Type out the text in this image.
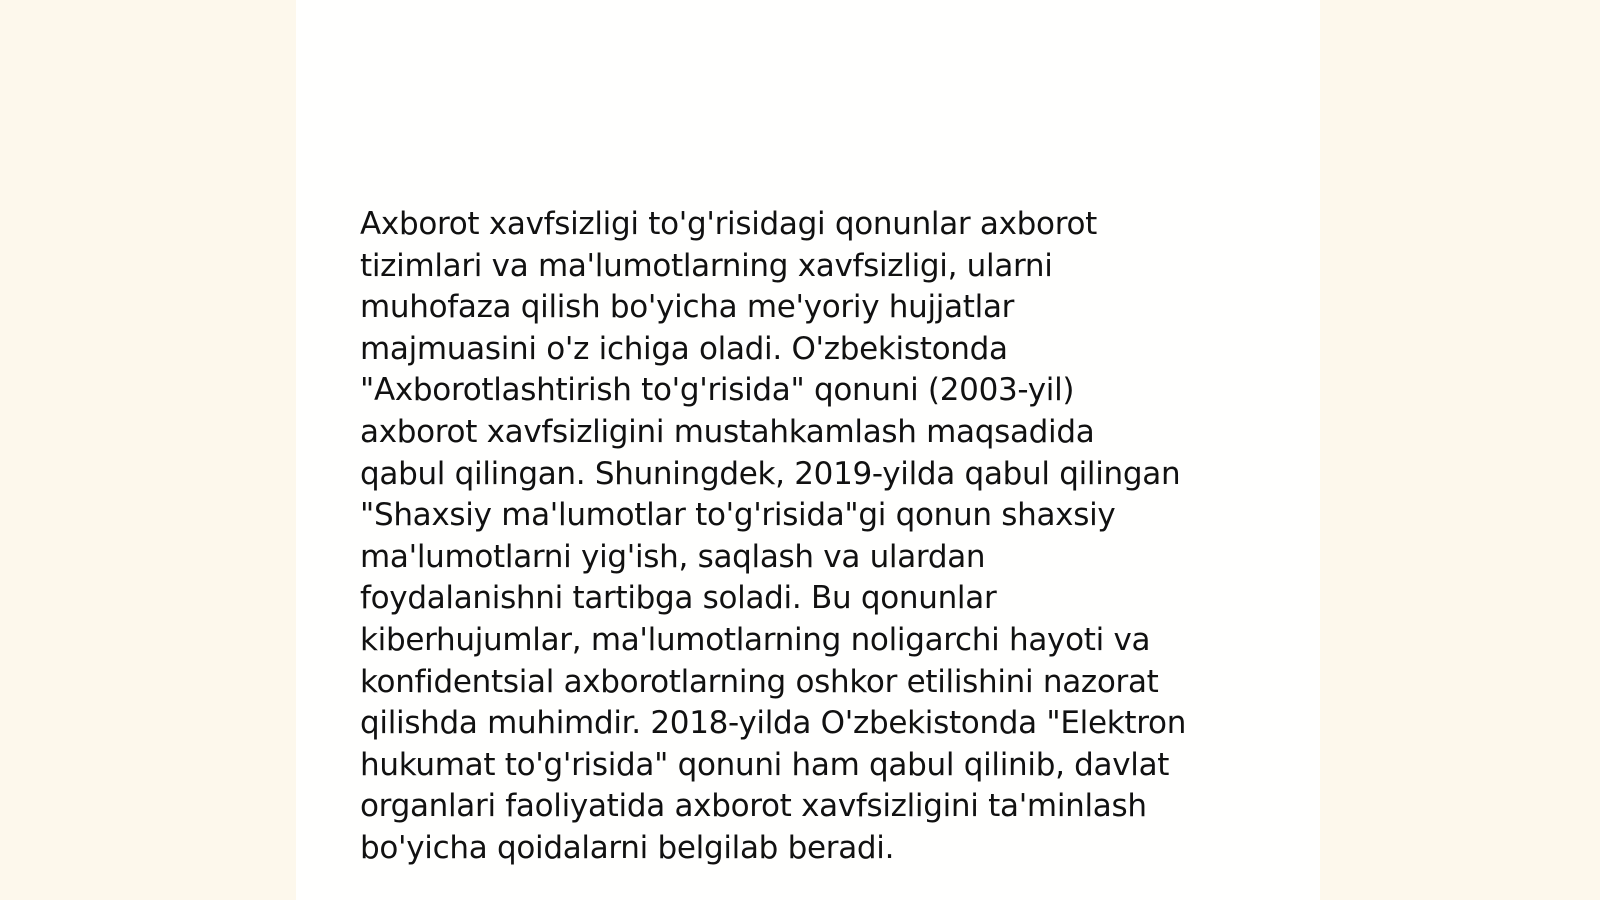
Axborot xavfsizligi to'g'risidagi qonunlar axborot
tizimlari va ma'lumotlarning xavfsizligi, ularni
muhofaza qilish bo'yicha me'yoriy hujjatlar
majmuasini o'z ichiga oladi. O'zbekistonda
"Axborotlashtirish to'g'risida" qonuni (2003-yil)
axborot xavfsizligini mustahkamlash maqsadida
qabul qilingan. Shuningdek, 2019-yilda qabul qilingan
"Shaxsiy ma'lumotlar to'g'risida"gi qonun shaxsiy
ma'lumotlarni yig'ish, saqlash va ulardan
foydalanishni tartibga soladi. Bu qonunlar
kiberhujumlar, ma'lumotlarning noligarchi hayoti va
konfidentsial axborotlarning oshkor etilishini nazorat
qilishda muhimdir. 2018-yilda O'zbekistonda "Elektron
hukumat to'g'risida" qonuni ham qabul qilinib, davlat
organlari faoliyatida axborot xavfsizligini ta'minlash
bo'yicha qoidalarni belgilab beradi.
